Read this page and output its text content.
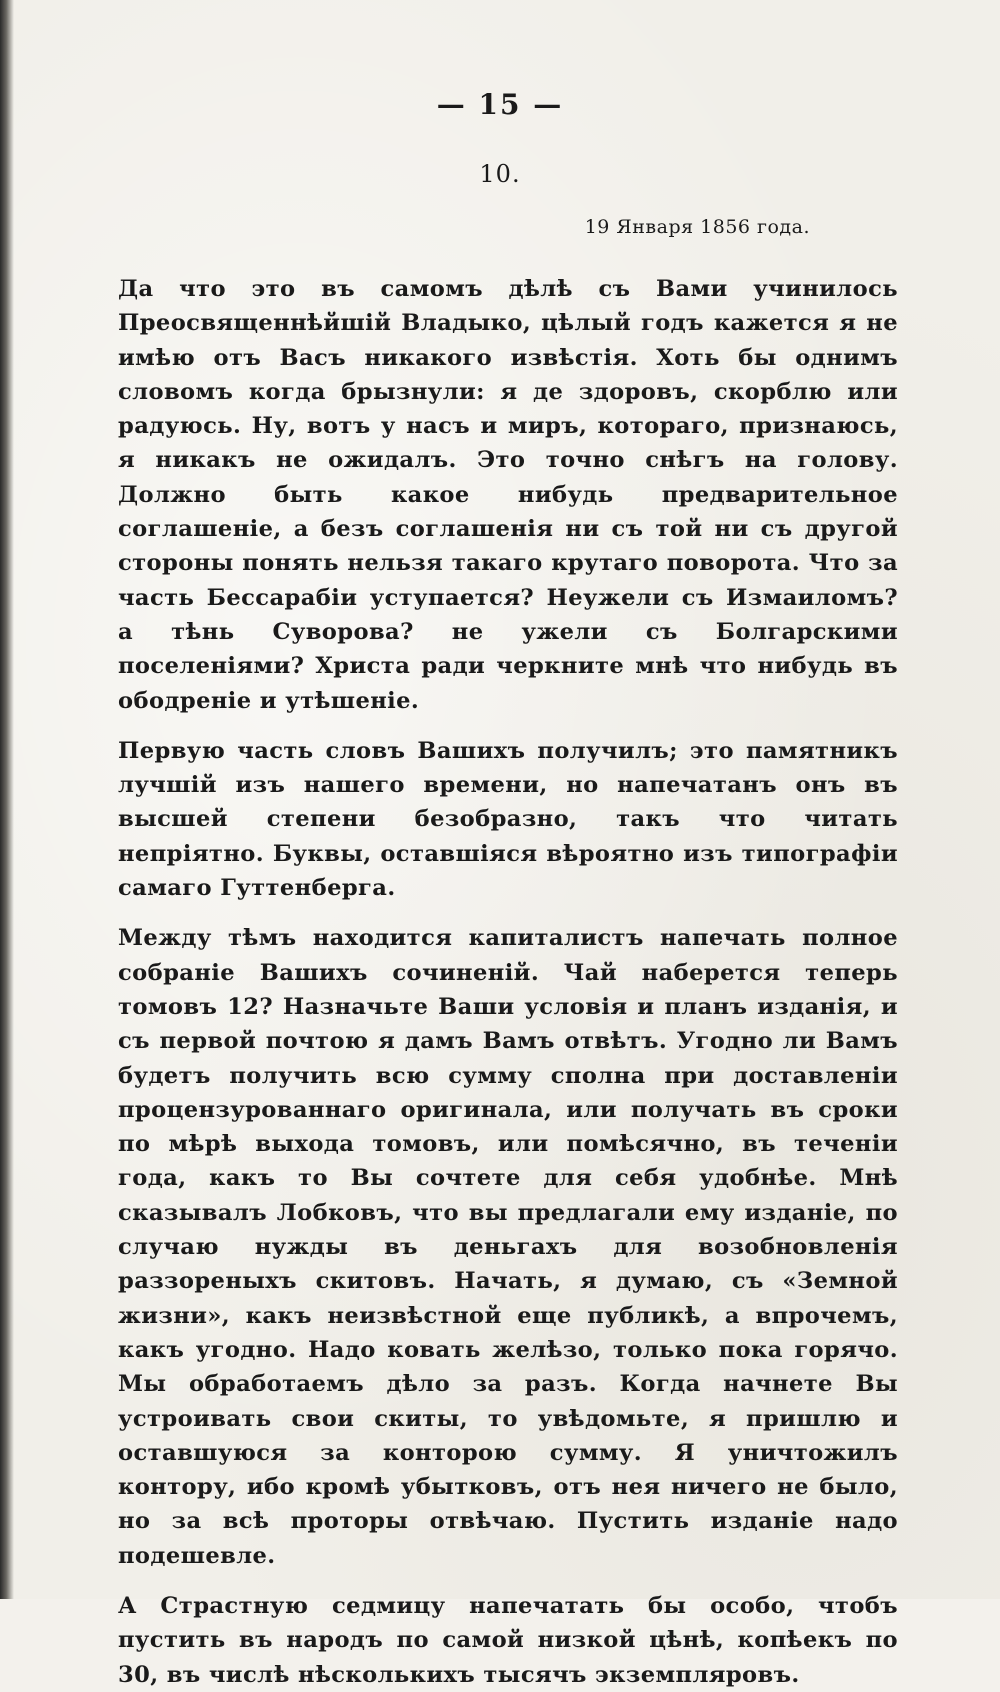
— 15 —
10.
19 Января 1856 года.

Да что это въ самомъ дѣлѣ съ Вами учинилось Преосвященнѣйшій Владыко, цѣлый годъ кажется я не имѣю отъ Васъ никакого извѣстія. Хоть бы однимъ словомъ когда брызнули: я де здоровъ, скорблю или радуюсь. Ну, вотъ у насъ и миръ, котораго, признаюсь, я никакъ не ожидалъ. Это точно снѣгъ на голову. Должно быть какое нибудь предварительное соглашеніе, а безъ соглашенія ни съ той ни съ другой стороны понять нельзя такаго крутаго поворота. Что за часть Бессарабіи уступается? Неужели съ Измаиломъ? а тѣнь Суворова? не ужели съ Болгарскими поселеніями? Христа ради черкните мнѣ что нибудь въ ободреніе и утѣшеніе.

Первую часть словъ Вашихъ получилъ; это памятникъ лучшій изъ нашего времени, но напечатанъ онъ въ высшей степени безобразно, такъ что читать непріятно. Буквы, оставшіяся вѣроятно изъ типографіи самаго Гуттенберга.

Между тѣмъ находится капиталистъ напечать полное собраніе Вашихъ сочиненій. Чай наберется теперь томовъ 12? Назначьте Ваши условія и планъ изданія, и съ первой почтою я дамъ Вамъ отвѣтъ. Угодно ли Вамъ будетъ получить всю сумму сполна при доставленіи процензурованнаго оригинала, или получать въ сроки по мѣрѣ выхода томовъ, или помѣсячно, въ теченіи года, какъ то Вы сочтете для себя удобнѣе. Мнѣ сказывалъ Лобковъ, что вы предлагали ему изданіе, по случаю нужды въ деньгахъ для возобновленія раззореныхъ скитовъ. Начать, я думаю, съ «Земной жизни», какъ неизвѣстной еще публикѣ, а впрочемъ, какъ угодно. Надо ковать желѣзо, только пока горячо. Мы обработаемъ дѣло за разъ. Когда начнете Вы устроивать свои скиты, то увѣдомьте, я пришлю и оставшуюся за конторою сумму. Я уничтожилъ контору, ибо кромѣ убытковъ, отъ нея ничего не было, но за всѣ проторы отвѣчаю. Пустить изданіе надо подешевле.

А Страстную седмицу напечатать бы особо, чтобъ пустить въ народъ по самой низкой цѣнѣ, копѣекъ по 30, въ числѣ нѣсколькихъ тысячъ экземпляровъ.
